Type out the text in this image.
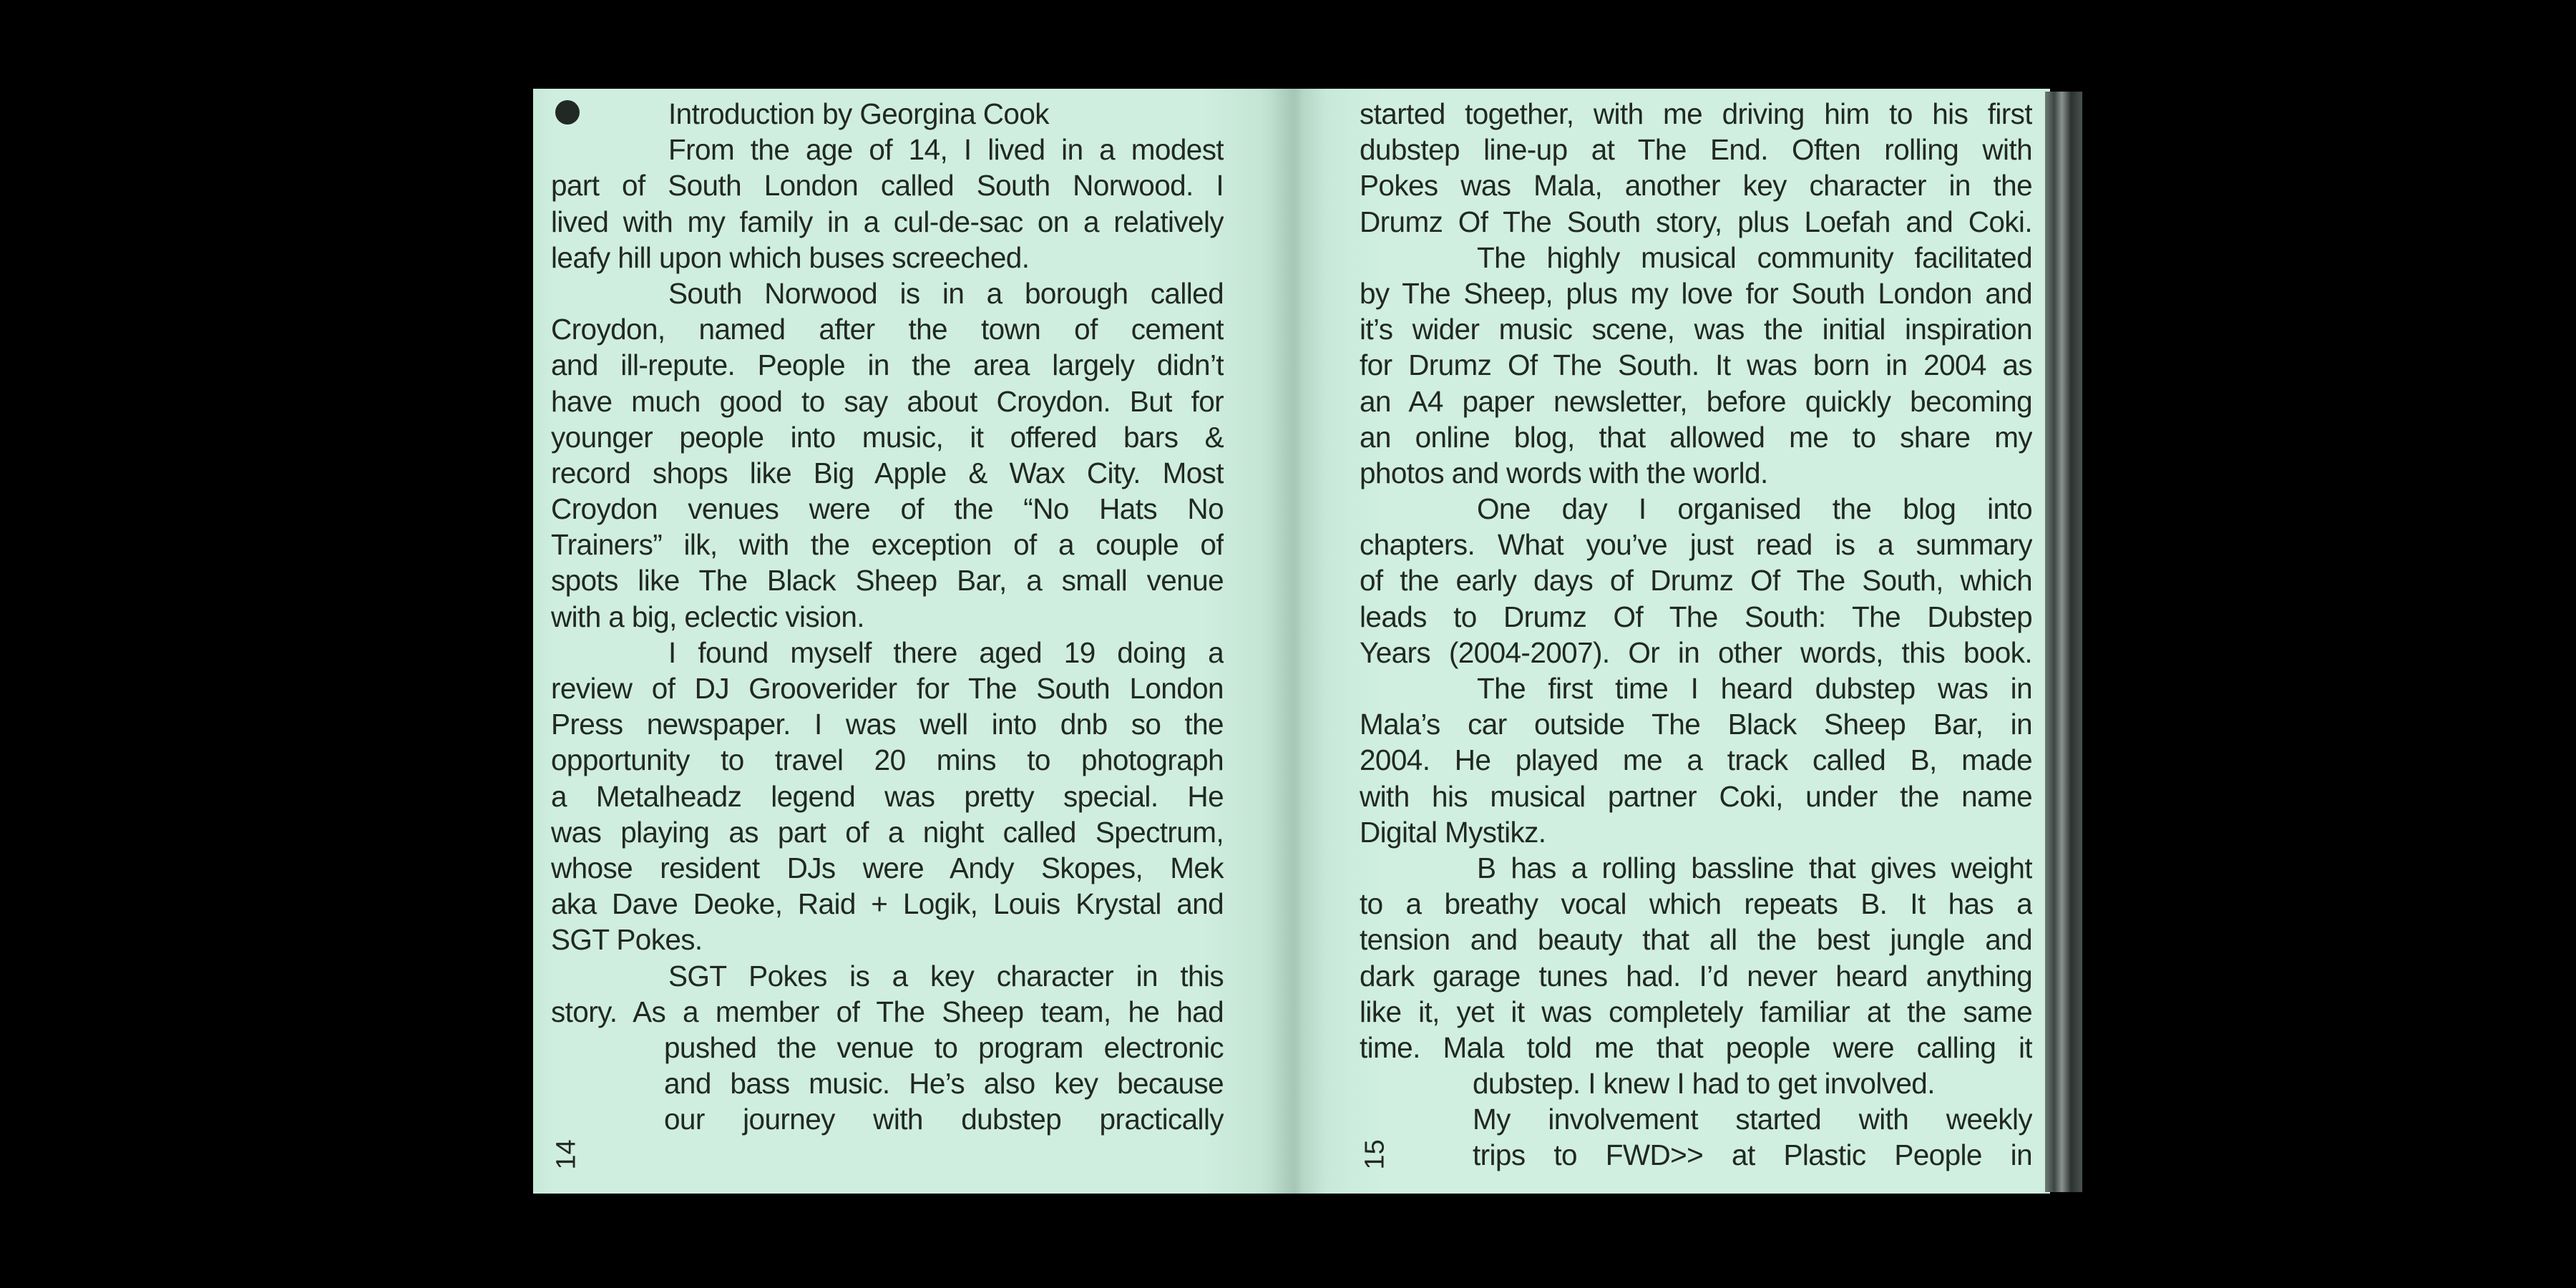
Introduction by Georgina Cook
From the age of 14, I lived in a modest
part of South London called South Norwood. I
lived with my family in a cul-de-sac on a relatively
leafy hill upon which buses screeched.
South Norwood is in a borough called
Croydon, named after the town of cement
and ill-repute. People in the area largely didn’t
have much good to say about Croydon. But for
younger people into music, it offered bars &
record shops like Big Apple & Wax City. Most
Croydon venues were of the “No Hats No
Trainers” ilk, with the exception of a couple of
spots like The Black Sheep Bar, a small venue
with a big, eclectic vision.
I found myself there aged 19 doing a
review of DJ Grooverider for The South London
Press newspaper. I was well into dnb so the
opportunity to travel 20 mins to photograph
a Metalheadz legend was pretty special. He
was playing as part of a night called Spectrum,
whose resident DJs were Andy Skopes, Mek
aka Dave Deoke, Raid + Logik, Louis Krystal and
SGT Pokes.
SGT Pokes is a key character in this
story. As a member of The Sheep team, he had
pushed the venue to program electronic
and bass music. He’s also key because
our journey with dubstep practically
started together, with me driving him to his first
dubstep line-up at The End. Often rolling with
Pokes was Mala, another key character in the
Drumz Of The South story, plus Loefah and Coki.
The highly musical community facilitated
by The Sheep, plus my love for South London and
it’s wider music scene, was the initial inspiration
for Drumz Of The South. It was born in 2004 as
an A4 paper newsletter, before quickly becoming
an online blog, that allowed me to share my
photos and words with the world.
One day I organised the blog into
chapters. What you’ve just read is a summary
of the early days of Drumz Of The South, which
leads to Drumz Of The South: The Dubstep
Years (2004-2007). Or in other words, this book.
The first time I heard dubstep was in
Mala’s car outside The Black Sheep Bar, in
2004. He played me a track called B, made
with his musical partner Coki, under the name
Digital Mystikz.
B has a rolling bassline that gives weight
to a breathy vocal which repeats B. It has a
tension and beauty that all the best jungle and
dark garage tunes had. I’d never heard anything
like it, yet it was completely familiar at the same
time. Mala told me that people were calling it
dubstep. I knew I had to get involved.
My involvement started with weekly
trips to FWD>> at Plastic People in
14	15
